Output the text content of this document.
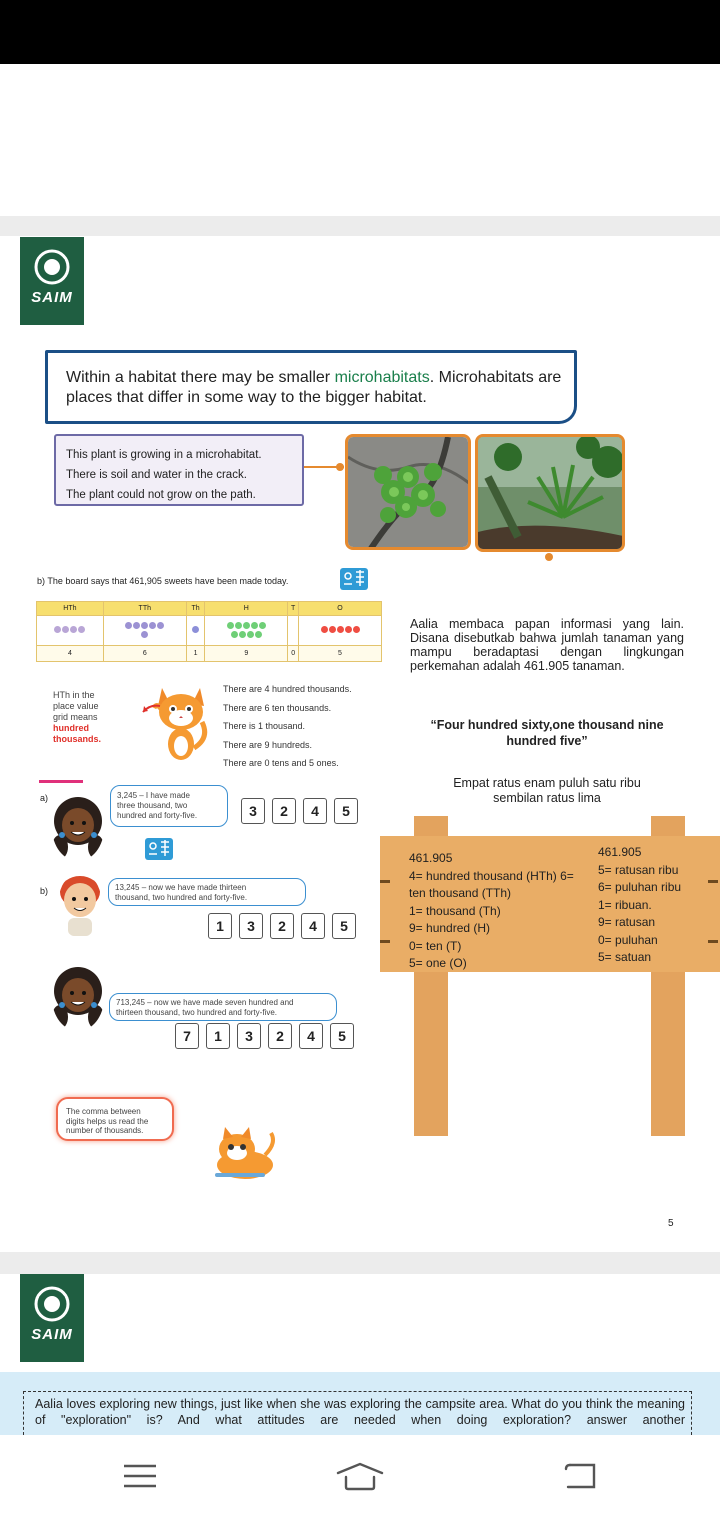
SAIM
Within a habitat there may be smaller microhabitats. Microhabitats are places that differ in some way to the bigger habitat.
This plant is growing in a microhabitat.
There is soil and water in the crack.
The plant could not grow on the path.
b) The board says that 461,905 sweets have been made today.
HTh	TTh	Th	H	T	O

4	6	1	9	0	5
HTh in the
place value
grid means
hundred
thousands.
There are 4 hundred thousands.
There are 6 ten thousands.
There is 1 thousand.
There are 9 hundreds.
There are 0 tens and 5 ones.
a)	3,245 – I have made
three thousand, two
hundred and forty-five.	3	2	4	5
b)	13,245 – now we have made thirteen
thousand, two hundred and forty-five.
1	3	2	4	5
713,245 – now we have made seven hundred and
thirteen thousand, two hundred and forty-five.
7	1	3	2	4	5
The comma between
digits helps us read the
number of thousands.
Aalia membaca papan informasi yang lain. Disana disebutkab bahwa jumlah tanaman yang mampu beradaptasi dengan lingkungan perkemahan adalah 461.905 tanaman.
“Four hundred sixty,one thousand nine hundred five”
Empat ratus enam puluh satu ribu
sembilan ratus lima
461.905
4= hundred thousand (HTh) 6=
ten thousand (TTh)
1= thousand (Th)
9= hundred (H)
0= ten (T)
5= one (O)
461.905
5= ratusan ribu
6= puluhan ribu
1= ribuan.
9= ratusan
0= puluhan
5= satuan
5
SAIM
Aalia loves exploring new things, just like when she was exploring the campsite area. What do you think the meaning of "exploration" is? And what attitudes are needed when doing exploration? answer another
